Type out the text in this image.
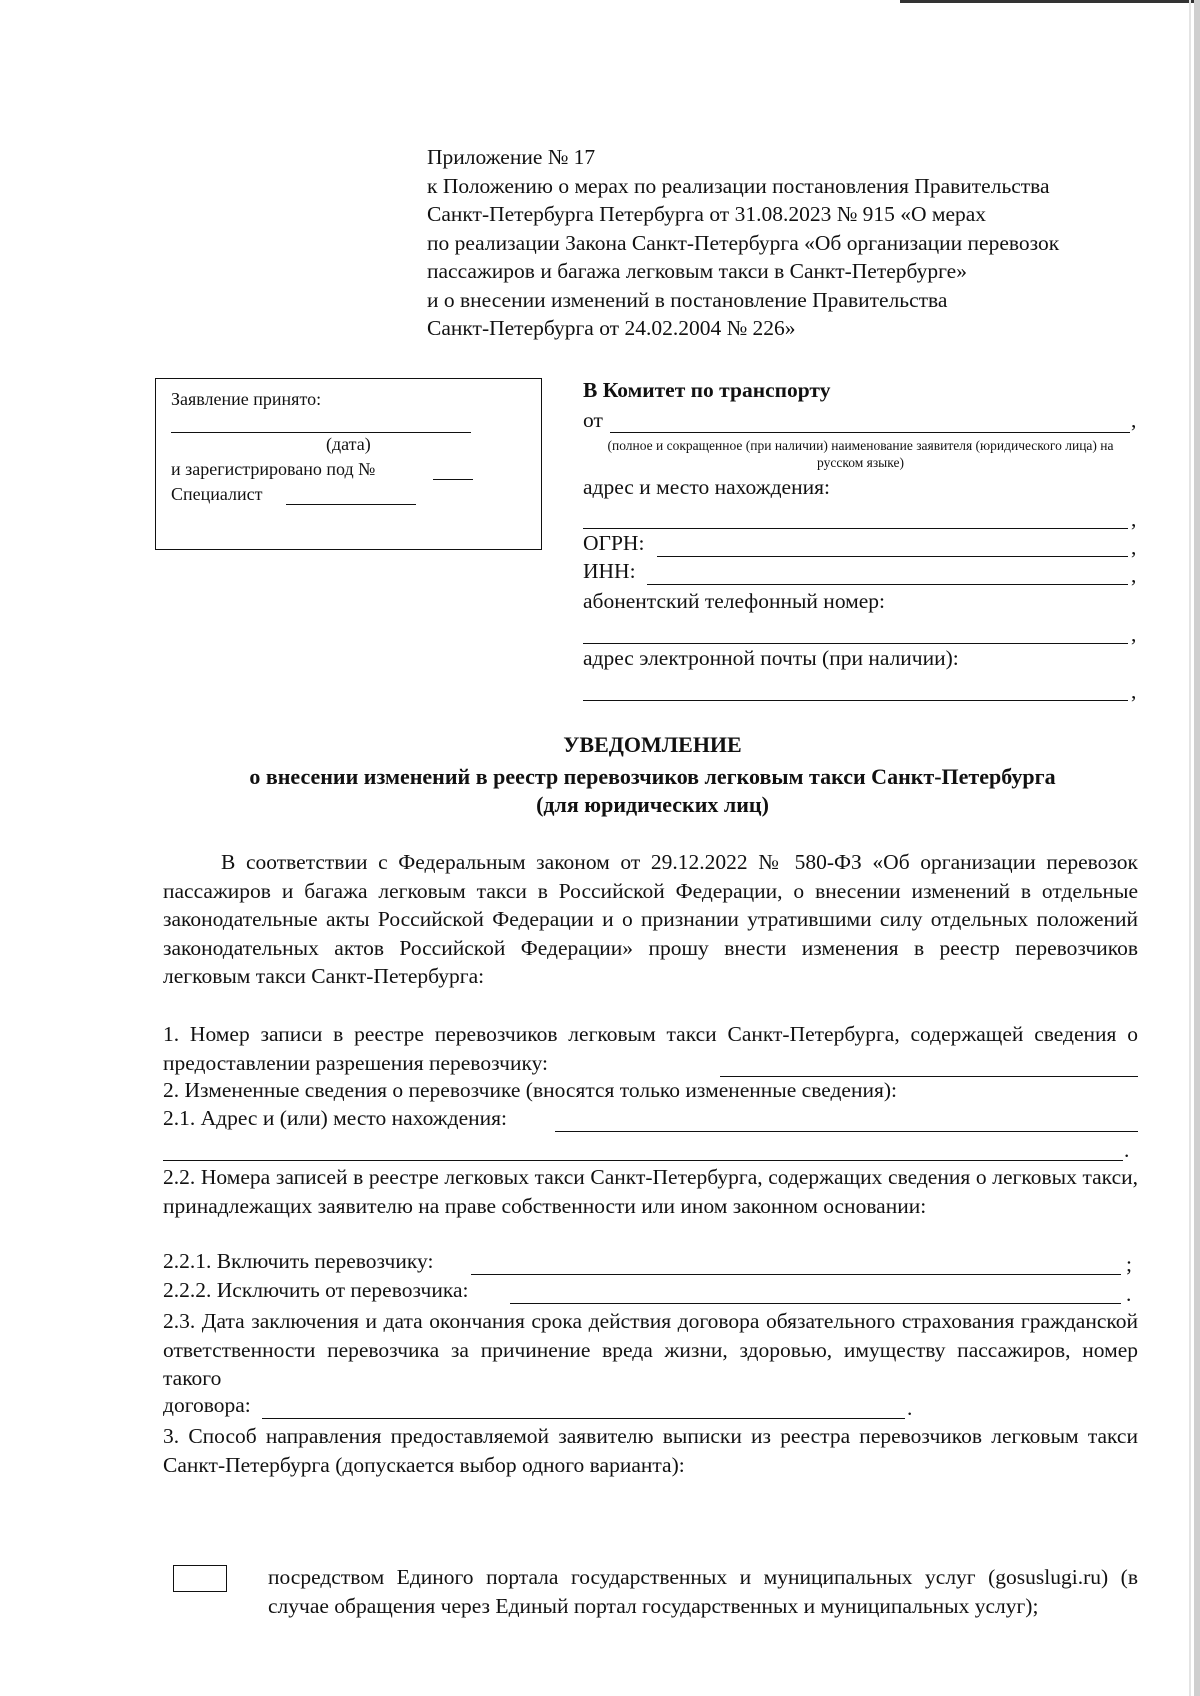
Приложение № 17
к Положению о мерах по реализации постановления Правительства
Санкт-Петербурга Петербурга от 31.08.2023 № 915 «О мерах
по реализации Закона Санкт-Петербурга «Об организации перевозок
пассажиров и багажа легковым такси в Санкт-Петербурге»
и о внесении изменений в постановление Правительства
Санкт-Петербурга от 24.02.2004 № 226»
Заявление принято:
(дата)
и зарегистрировано под №
Специалист
В Комитет по транспорту
от	,
(полное и сокращенное (при наличии) наименование заявителя (юридического лица) на русском языке)
адрес и место нахождения:
,
ОГРН:	,
ИНН:	,
абонентский телефонный номер:
,
адрес электронной почты (при наличии):
,
УВЕДОМЛЕНИЕ
о внесении изменений в реестр перевозчиков легковым такси Санкт-Петербурга
(для юридических лиц)
В соответствии с Федеральным законом от 29.12.2022 № 580-ФЗ «Об организации перевозок пассажиров и багажа легковым такси в Российской Федерации, о внесении изменений в отдельные законодательные акты Российской Федерации и о признании утратившими силу отдельных положений законодательных актов Российской Федерации» прошу внести изменения в реестр перевозчиков легковым такси Санкт-Петербурга:
1. Номер записи в реестре перевозчиков легковым такси Санкт-Петербурга, содержащей сведения о предоставлении разрешения перевозчику:
2. Измененные сведения о перевозчике (вносятся только измененные сведения):
2.1. Адрес и (или) место нахождения:
.
2.2. Номера записей в реестре легковых такси Санкт-Петербурга, содержащих сведения о легковых такси, принадлежащих заявителю на праве собственности или ином законном основании:
2.2.1. Включить перевозчику:	;
2.2.2. Исключить от перевозчика:	.
2.3. Дата заключения и дата окончания срока действия договора обязательного страхования гражданской ответственности перевозчика за причинение вреда жизни, здоровью, имуществу пассажиров, номер такого
договора:	.
3. Способ направления предоставляемой заявителю выписки из реестра перевозчиков легковым такси Санкт-Петербурга (допускается выбор одного варианта):
посредством Единого портала государственных и муниципальных услуг (gosuslugi.ru) (в случае обращения через Единый портал государственных и муниципальных услуг);
